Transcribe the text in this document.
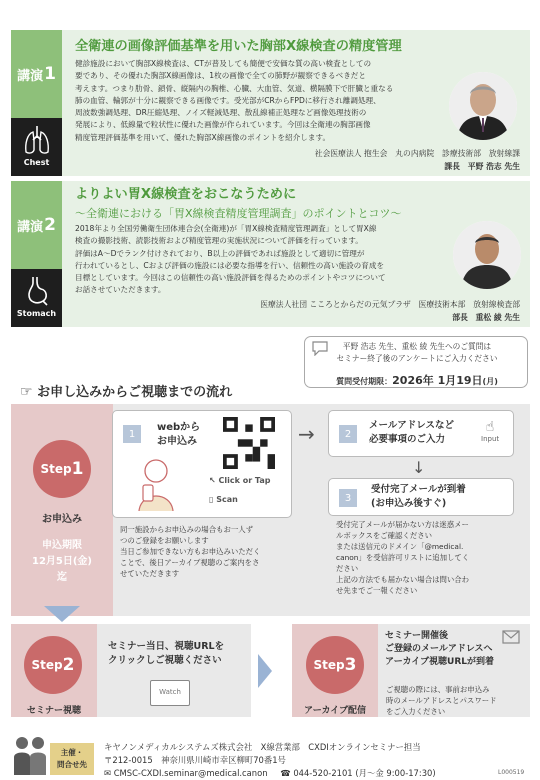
講演 1
Chest
全衛連の画像評価基準を用いた胸部X線検査の精度管理
健診施設において胸部X線検査は、CTが普及しても簡便で安価な質の高い検査としての
要であり、その優れた胸部X線画像は、1枚の画像で全ての肺野が観察できるべきだと
考えます。つまり肋骨、鎖骨、縦隔内の胸椎、心臓、大血管、気道、横隔膜下で肝臓と重なる
肺の血管、輪郭が十分に観察できる画像です。受光部がCRからFPDに移行され離調処理、
周波数強調処理、DR圧縮処理、ノイズ軽減処理、散乱線補正処理など画像処理技術の
発展により、低線量で粒状性に優れた画像が作られています。今回は全衛連の胸部画像
精度管理評価基準を用いて、優れた胸部X線画像のポイントを紹介します。
社会医療法人 抱生会　丸の内病院　診療技術部　放射線課
課長　平野 浩志 先生
講演 2
Stomach
よりよい胃X線検査をおこなうために
～全衛連における「胃X線検査精度管理調査」のポイントとコツ～
2018年より全国労働衛生団体連合会(全衛連)が「胃X線検査精度管理調査」として胃X線
検査の撮影技術、読影技術および精度管理の実施状況について評価を行っています。
評価はA～Dでランク付けされており、B以上の評価であれば施設として適切に管理が
行われているとし、Cおよび評価の施設には必要な指導を行い、信頼性の高い施設の育成を
目標としています。今回はこの信頼性の高い施設評価を得るためのポイントやコツについて
お話させていただきます。
医療法人社団 こころとからだの元気プラザ　医療技術本部　放射線検査部
部長　重松 綾 先生
平野 浩志 先生、重松 綾 先生へのご質問は
セミナー終了後のアンケートにご入力ください
質問受付期限：2026年 1月19日(月)
☞ お申し込みからご視聴までの流れ
Step 1
お申込み
申込期限
12月5日(金)
迄
1
webから
お申込み
↖ Click or Tap
▯ Scan
→	2
メールアドレスなど
必要事項のご入力
☝
Input
↓
3
受付完了メールが到着
(お申込み後すぐ)
同一施設からお申込みの場合もお一人ず
つのご登録をお願いします
当日ご参加できない方もお申込みいただく
ことで、後日アーカイブ視聴のご案内をさ
せていただきます
受付完了メールが届かない方は迷惑メー
ルボックスをご確認ください
または送信元のドメイン「@medical.
canon」を受信許可リストに追加してく
ださい
上記の方法でも届かない場合は問い合わ
せ先までご一報ください
Step 2
セミナー視聴
セミナー当日、視聴URLを
クリックしご視聴ください
Watch
Step 3
アーカイブ配信
セミナー開催後
ご登録のメールアドレスへ
アーカイブ視聴URLが到着
ご視聴の際には、事前お申込み
時のメールアドレスとパスワード
をご入力ください
主催・
問合せ先
キヤノンメディカルシステムズ株式会社　X線営業部　CXDIオンラインセミナー担当
〒212-0015　神奈川県川崎市幸区柳町70番1号
✉ CMSC-CXDI.seminar@medical.canon ☎ 044-520-2101 (月～金 9:00-17:30)	L000519
